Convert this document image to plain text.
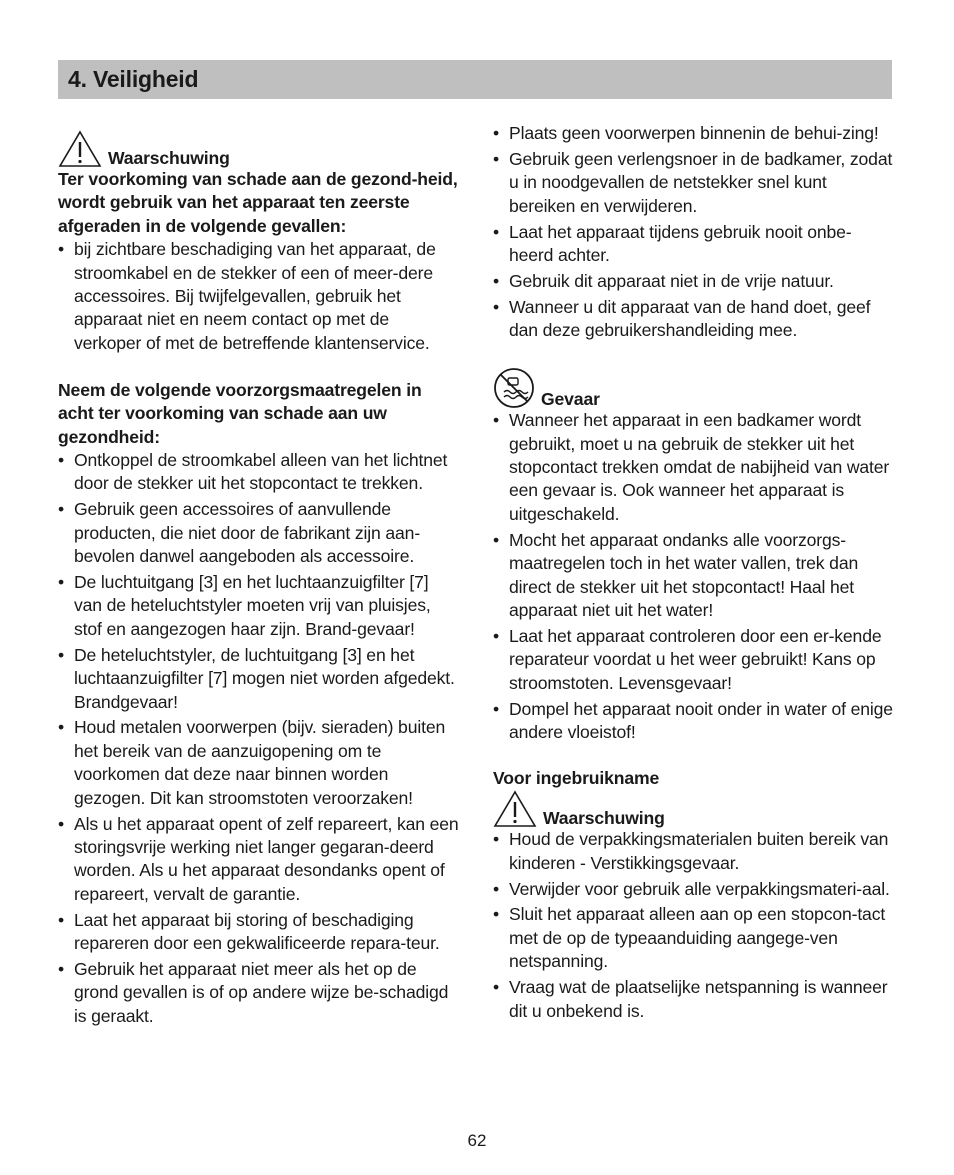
4. Veiligheid
Waarschuwing

Ter voorkoming van schade aan de gezond-heid, wordt gebruik van het apparaat ten zeerste afgeraden in de volgende gevallen:

• bij zichtbare beschadiging van het apparaat, de stroomkabel en de stekker of een of meer-dere accessoires. Bij twijfelgevallen, gebruik het apparaat niet en neem contact op met de verkoper of met de betreffende klantenservice.

Neem de volgende voorzorgsmaatregelen in acht ter voorkoming van schade aan uw gezondheid:

• Ontkoppel de stroomkabel alleen van het lichtnet door de stekker uit het stopcontact te trekken.
• Gebruik geen accessoires of aanvullende producten, die niet door de fabrikant zijn aan-bevolen danwel aangeboden als accessoire.
• De luchtuitgang [3] en het luchtaanzuigfilter [7] van de heteluchtstyler moeten vrij van pluisjes, stof en aangezogen haar zijn. Brand-gevaar!
• De heteluchtstyler, de luchtuitgang [3] en het luchtaanzuigfilter [7] mogen niet worden afgedekt. Brandgevaar!
• Houd metalen voorwerpen (bijv. sieraden) buiten het bereik van de aanzuigopening om te voorkomen dat deze naar binnen worden gezogen. Dit kan stroomstoten veroorzaken!
• Als u het apparaat opent of zelf repareert, kan een storingsvrije werking niet langer gegaran-deerd worden. Als u het apparaat desondanks opent of repareert, vervalt de garantie.
• Laat het apparaat bij storing of beschadiging repareren door een gekwalificeerde repara-teur.
• Gebruik het apparaat niet meer als het op de grond gevallen is of op andere wijze be-schadigd is geraakt.
• Plaats geen voorwerpen binnenin de behui-zing!
• Gebruik geen verlengsnoer in de badkamer, zodat u in noodgevallen de netstekker snel kunt bereiken en verwijderen.
• Laat het apparaat tijdens gebruik nooit onbe-heerd achter.
• Gebruik dit apparaat niet in de vrije natuur.
• Wanneer u dit apparaat van de hand doet, geef dan deze gebruikershandleiding mee.
Gevaar
• Wanneer het apparaat in een badkamer wordt gebruikt, moet u na gebruik de stekker uit het stopcontact trekken omdat de nabijheid van water een gevaar is. Ook wanneer het apparaat is uitgeschakeld.
• Mocht het apparaat ondanks alle voorzorgs-maatregelen toch in het water vallen, trek dan direct de stekker uit het stopcontact! Haal het apparaat niet uit het water!
• Laat het apparaat controleren door een er-kende reparateur voordat u het weer gebruikt! Kans op stroomstoten. Levensgevaar!
• Dompel het apparaat nooit onder in water of enige andere vloeistof!
Voor ingebruikname
Waarschuwing
• Houd de verpakkingsmaterialen buiten bereik van kinderen - Verstikkingsgevaar.
• Verwijder voor gebruik alle verpakkingsmateri-aal.
• Sluit het apparaat alleen aan op een stopcon-tact met de op de typeaanduiding aangege-ven netspanning.
• Vraag wat de plaatselijke netspanning is wanneer dit u onbekend is.
62
